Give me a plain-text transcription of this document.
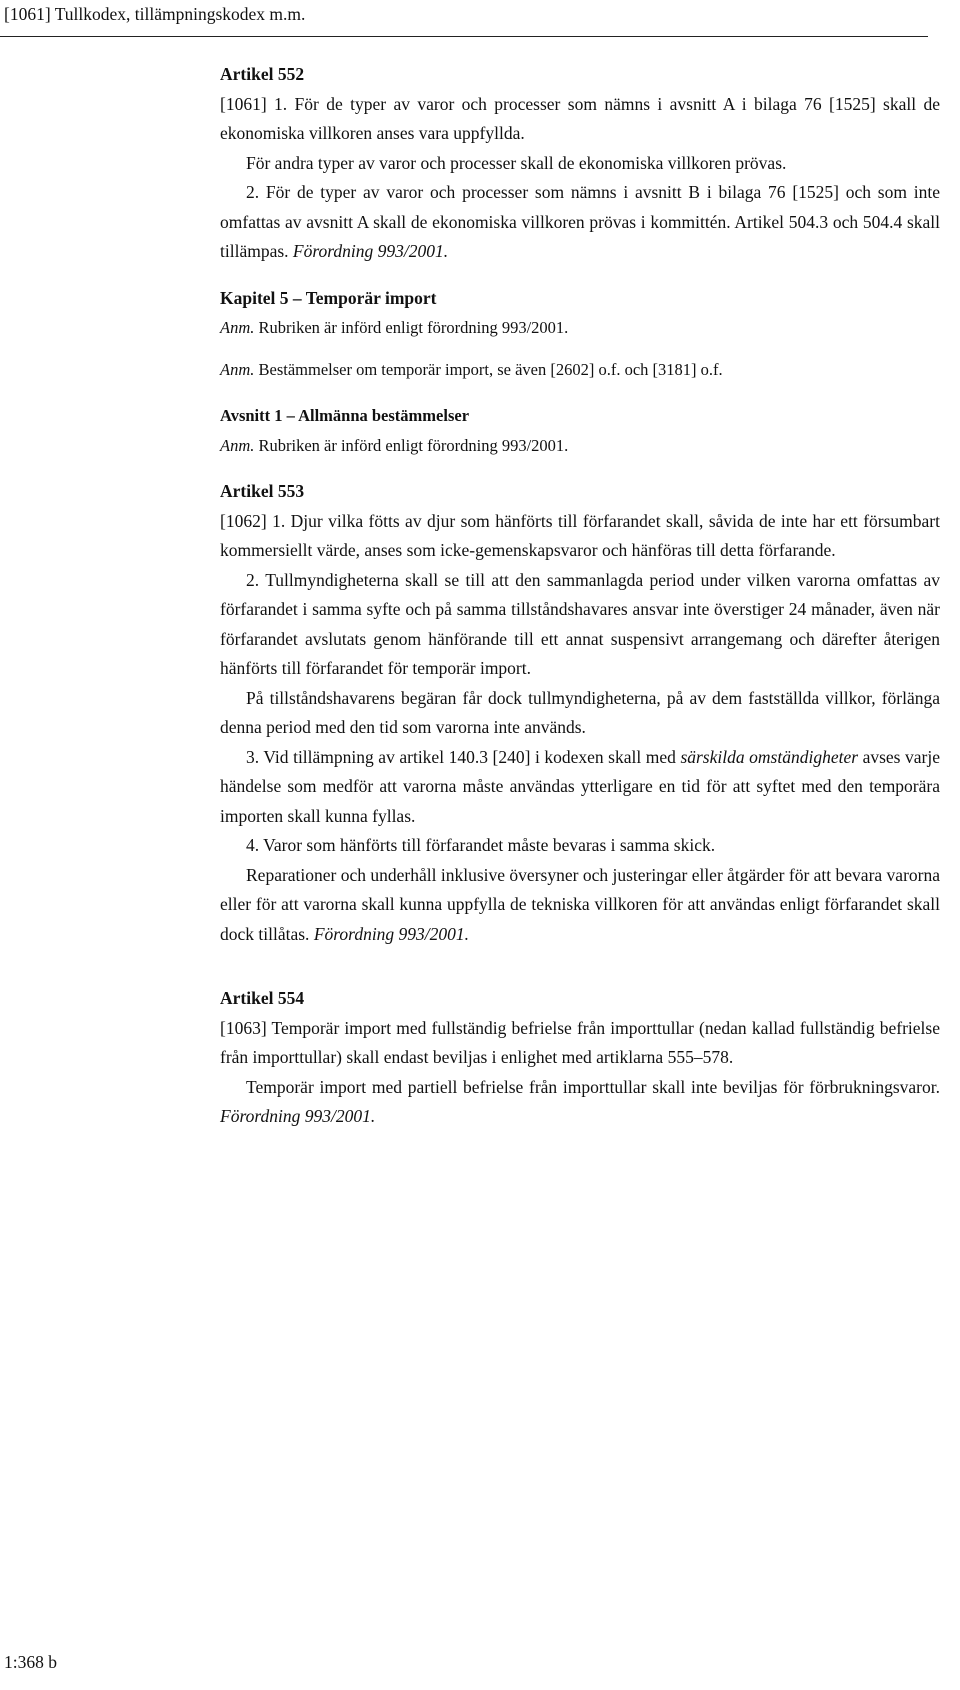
[1061] Tullkodex, tillämpningskodex m.m.

Artikel 552

[1061] 1. För de typer av varor och processer som nämns i avsnitt A i bilaga 76 [1525] skall de ekonomiska villkoren anses vara uppfyllda.

För andra typer av varor och processer skall de ekonomiska villkoren prövas.

2. För de typer av varor och processer som nämns i avsnitt B i bilaga 76 [1525] och som inte omfattas av avsnitt A skall de ekonomiska villkoren prövas i kommittén. Artikel 504.3 och 504.4 skall tillämpas. Förordning 993/2001.

Kapitel 5 – Temporär import

Anm. Rubriken är införd enligt förordning 993/2001.

Anm. Bestämmelser om temporär import, se även [2602] o.f. och [3181] o.f.

Avsnitt 1 – Allmänna bestämmelser

Anm. Rubriken är införd enligt förordning 993/2001.

Artikel 553

[1062] 1. Djur vilka fötts av djur som hänförts till förfarandet skall, såvida de inte har ett försumbart kommersiellt värde, anses som icke-gemenskapsvaror och hänföras till detta förfarande.

2. Tullmyndigheterna skall se till att den sammanlagda period under vilken varorna omfattas av förfarandet i samma syfte och på samma tillståndshavares ansvar inte överstiger 24 månader, även när förfarandet avslutats genom hänförande till ett annat suspensivt arrangemang och därefter återigen hänförts till förfarandet för temporär import.

På tillståndshavarens begäran får dock tullmyndigheterna, på av dem fastställda villkor, förlänga denna period med den tid som varorna inte används.

3. Vid tillämpning av artikel 140.3 [240] i kodexen skall med särskilda omständigheter avses varje händelse som medför att varorna måste användas ytterligare en tid för att syftet med den temporära importen skall kunna fyllas.

4. Varor som hänförts till förfarandet måste bevaras i samma skick.

Reparationer och underhåll inklusive översyner och justeringar eller åtgärder för att bevara varorna eller för att varorna skall kunna uppfylla de tekniska villkoren för att användas enligt förfarandet skall dock tillåtas. Förordning 993/2001.

Artikel 554

[1063] Temporär import med fullständig befrielse från importtullar (nedan kallad fullständig befrielse från importtullar) skall endast beviljas i enlighet med artiklarna 555–578.

Temporär import med partiell befrielse från importtullar skall inte beviljas för förbrukningsvaror. Förordning 993/2001.

1:368 b
